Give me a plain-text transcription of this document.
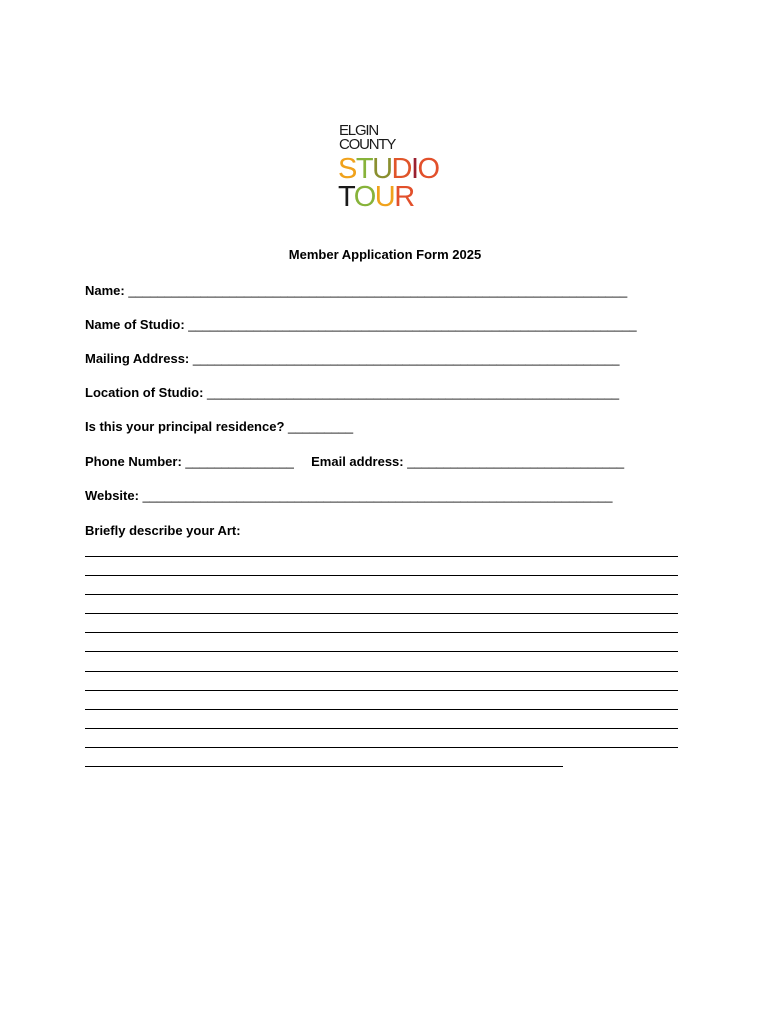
ELGIN
COUNTY
STUDIO
TOUR
Member Application Form 2025
Name: _____________________________________________________________________
Name of Studio: ______________________________________________________________
Mailing Address: ___________________________________________________________
Location of Studio: _________________________________________________________
Is this your principal residence? _________
Phone Number: _______________ Email address: ______________________________
Website: _________________________________________________________________
Briefly describe your Art:
